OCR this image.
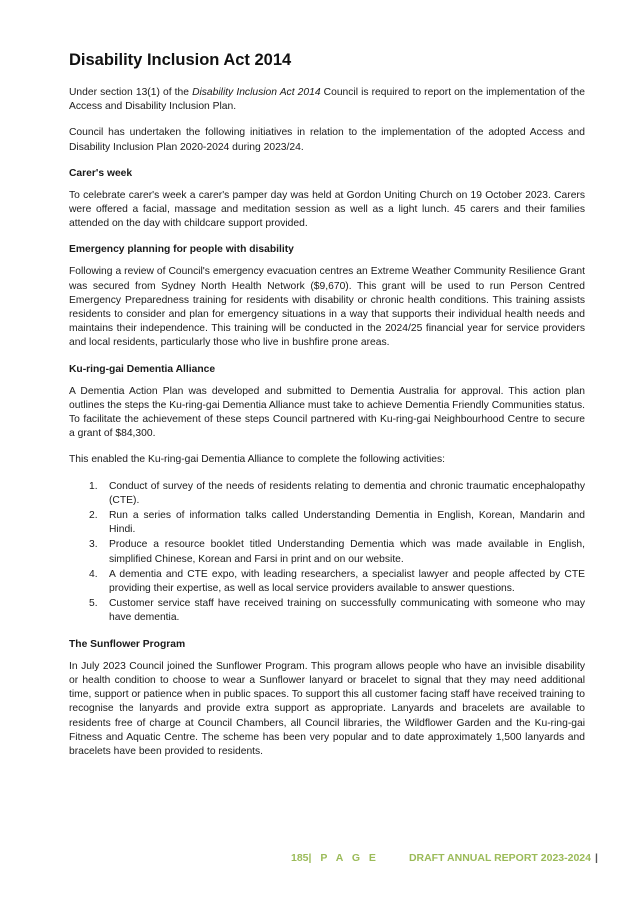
Disability Inclusion Act 2014

Under section 13(1) of the Disability Inclusion Act 2014 Council is required to report on the implementation of the Access and Disability Inclusion Plan.

Council has undertaken the following initiatives in relation to the implementation of the adopted Access and Disability Inclusion Plan 2020-2024 during 2023/24.

Carer's week

To celebrate carer's week a carer's pamper day was held at Gordon Uniting Church on 19 October 2023. Carers were offered a facial, massage and meditation session as well as a light lunch. 45 carers and their families attended on the day with childcare support provided.

Emergency planning for people with disability

Following a review of Council's emergency evacuation centres an Extreme Weather Community Resilience Grant was secured from Sydney North Health Network ($9,670). This grant will be used to run Person Centred Emergency Preparedness training for residents with disability or chronic health conditions. This training assists residents to consider and plan for emergency situations in a way that supports their individual health needs and maintains their independence. This training will be conducted in the 2024/25 financial year for service providers and local residents, particularly those who live in bushfire prone areas.

Ku-ring-gai Dementia Alliance

A Dementia Action Plan was developed and submitted to Dementia Australia for approval. This action plan outlines the steps the Ku-ring-gai Dementia Alliance must take to achieve Dementia Friendly Communities status. To facilitate the achievement of these steps Council partnered with Ku-ring-gai Neighbourhood Centre to secure a grant of $84,300.

This enabled the Ku-ring-gai Dementia Alliance to complete the following activities:

1. Conduct of survey of the needs of residents relating to dementia and chronic traumatic encephalopathy (CTE).
2. Run a series of information talks called Understanding Dementia in English, Korean, Mandarin and Hindi.
3. Produce a resource booklet titled Understanding Dementia which was made available in English, simplified Chinese, Korean and Farsi in print and on our website.
4. A dementia and CTE expo, with leading researchers, a specialist lawyer and people affected by CTE providing their expertise, as well as local service providers available to answer questions.
5. Customer service staff have received training on successfully communicating with someone who may have dementia.
The Sunflower Program

In July 2023 Council joined the Sunflower Program. This program allows people who have an invisible disability or health condition to choose to wear a Sunflower lanyard or bracelet to signal that they may need additional time, support or patience when in public spaces. To support this all customer facing staff have received training to recognise the lanyards and provide extra support as appropriate. Lanyards and bracelets are available to residents free of charge at Council Chambers, all Council libraries, the Wildflower Garden and the Ku-ring-gai Fitness and Aquatic Centre. The scheme has been very popular and to date approximately 1,500 lanyards and bracelets have been provided to residents.

185| P A G E	DRAFT ANNUAL REPORT 2023-2024 |
